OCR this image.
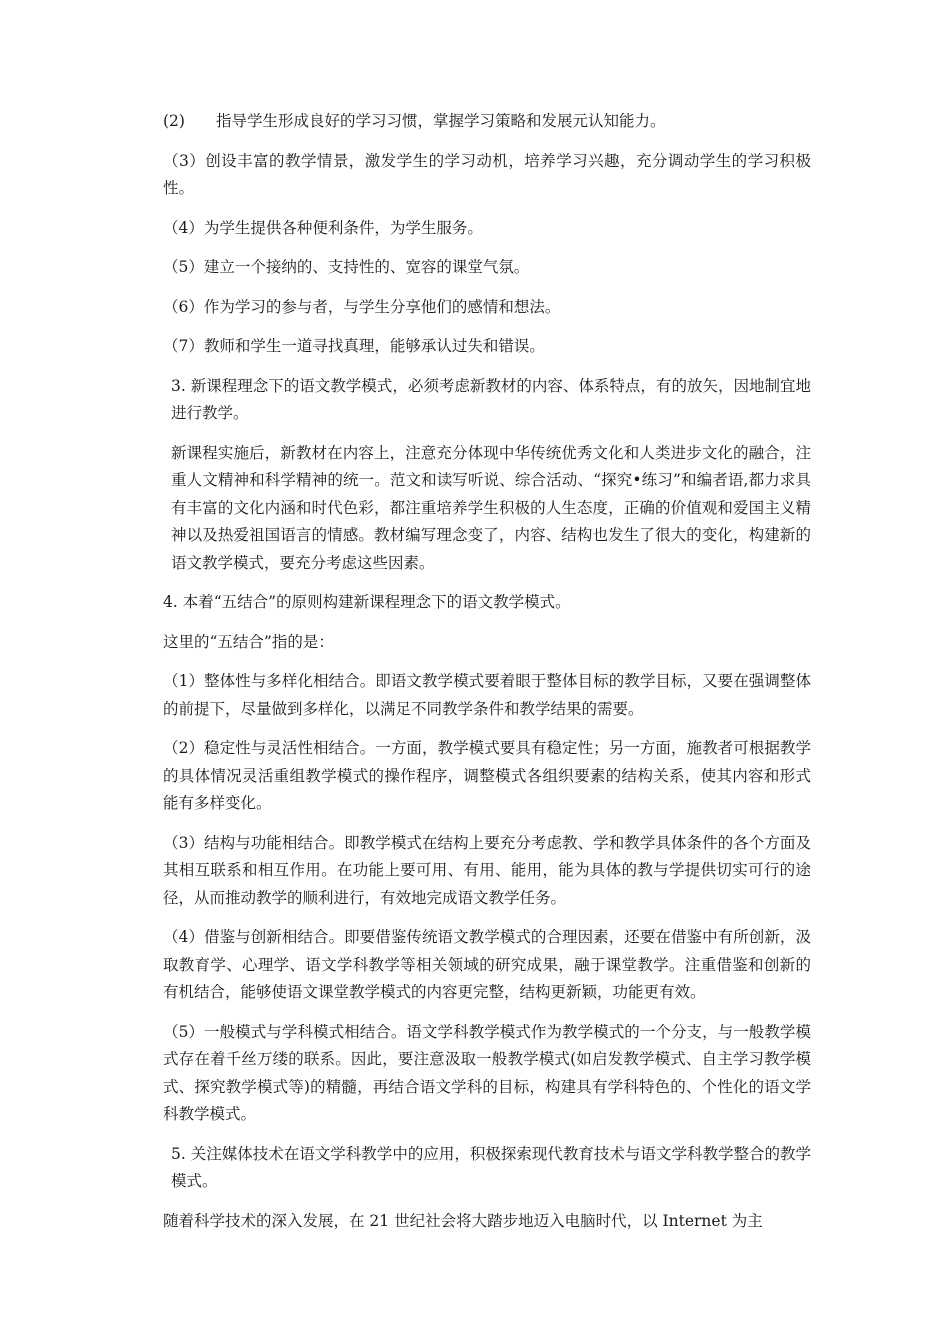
(2)　　指导学生形成良好的学习习惯，掌握学习策略和发展元认知能力。

（3）创设丰富的教学情景，激发学生的学习动机，培养学习兴趣，充分调动学生的学习积极性。

（4）为学生提供各种便利条件，为学生服务。

（5）建立一个接纳的、支持性的、宽容的课堂气氛。

（6）作为学习的参与者，与学生分享他们的感情和想法。

（7）教师和学生一道寻找真理，能够承认过失和错误。

3. 新课程理念下的语文教学模式，必须考虑新教材的内容、体系特点，有的放矢，因地制宜地进行教学。

新课程实施后，新教材在内容上，注意充分体现中华传统优秀文化和人类进步文化的融合，注重人文精神和科学精神的统一。范文和读写听说、综合活动、“探究•练习”和编者语,都力求具有丰富的文化内涵和时代色彩，都注重培养学生积极的人生态度，正确的价值观和爱国主义精神以及热爱祖国语言的情感。教材编写理念变了，内容、结构也发生了很大的变化，构建新的语文教学模式，要充分考虑这些因素。

4. 本着“五结合”的原则构建新课程理念下的语文教学模式。

这里的“五结合”指的是：

（1）整体性与多样化相结合。即语文教学模式要着眼于整体目标的教学目标，又要在强调整体的前提下，尽量做到多样化，以满足不同教学条件和教学结果的需要。

（2）稳定性与灵活性相结合。一方面，教学模式要具有稳定性；另一方面，施教者可根据教学的具体情况灵活重组教学模式的操作程序，调整模式各组织要素的结构关系，使其内容和形式能有多样变化。

（3）结构与功能相结合。即教学模式在结构上要充分考虑教、学和教学具体条件的各个方面及其相互联系和相互作用。在功能上要可用、有用、能用，能为具体的教与学提供切实可行的途径，从而推动教学的顺利进行，有效地完成语文教学任务。

（4）借鉴与创新相结合。即要借鉴传统语文教学模式的合理因素，还要在借鉴中有所创新，汲取教育学、心理学、语文学科教学等相关领域的研究成果，融于课堂教学。注重借鉴和创新的有机结合，能够使语文课堂教学模式的内容更完整，结构更新颖，功能更有效。

（5）一般模式与学科模式相结合。语文学科教学模式作为教学模式的一个分支，与一般教学模式存在着千丝万缕的联系。因此，要注意汲取一般教学模式(如启发教学模式、自主学习教学模式、探究教学模式等)的精髓，再结合语文学科的目标，构建具有学科特色的、个性化的语文学科教学模式。

5. 关注媒体技术在语文学科教学中的应用，积极探索现代教育技术与语文学科教学整合的教学模式。

随着科学技术的深入发展，在 21 世纪社会将大踏步地迈入电脑时代，以 Internet 为主
